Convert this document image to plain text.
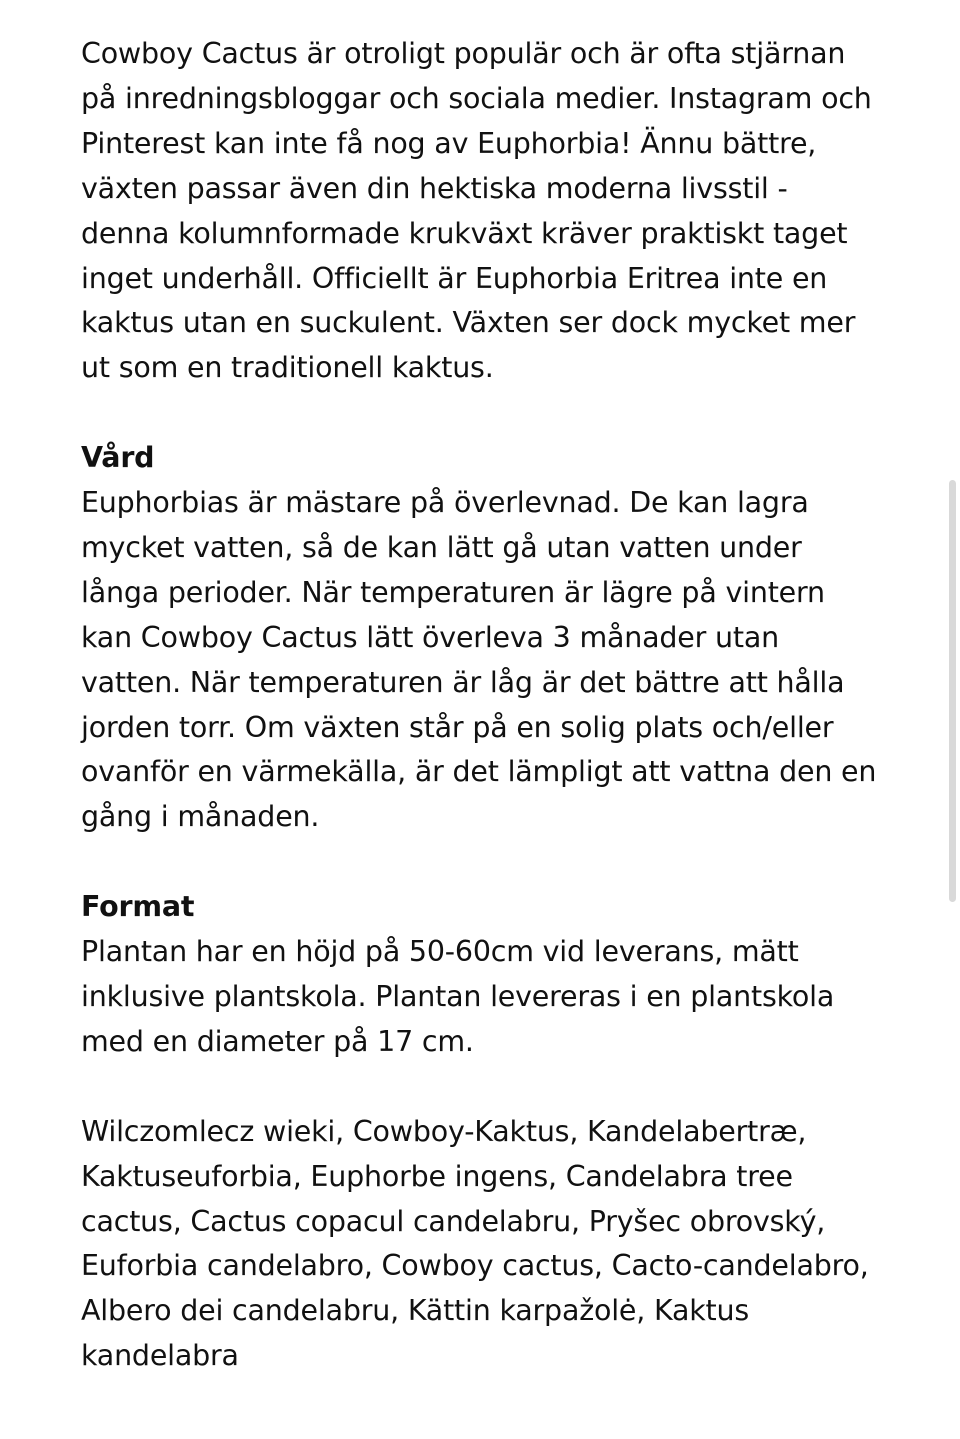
Cowboy Cactus är otroligt populär och är ofta stjärnan på inredningsbloggar och sociala medier. Instagram och Pinterest kan inte få nog av Euphorbia! Ännu bättre, växten passar även din hektiska moderna livsstil - denna kolumnformade krukväxt kräver praktiskt taget inget underhåll. Officiellt är Euphorbia Eritrea inte en kaktus utan en suckulent. Växten ser dock mycket mer ut som en traditionell kaktus.

Vård

Euphorbias är mästare på överlevnad. De kan lagra mycket vatten, så de kan lätt gå utan vatten under långa perioder. När temperaturen är lägre på vintern kan Cowboy Cactus lätt överleva 3 månader utan vatten. När temperaturen är låg är det bättre att hålla jorden torr. Om växten står på en solig plats och/eller ovanför en värmekälla, är det lämpligt att vattna den en gång i månaden.

Format

Plantan har en höjd på 50-60cm vid leverans, mätt inklusive plantskola. Plantan levereras i en plantskola med en diameter på 17 cm.

Wilczomlecz wieki, Cowboy-Kaktus, Kandelabertræ, Kaktuseuforbia, Euphorbe ingens, Candelabra tree cactus, Cactus copacul candelabru, Pryšec obrovský, Euforbia candelabro, Cowboy cactus, Cacto-candelabro, Albero dei candelabru, Kättin karpažolė, Kaktus kandelabra
